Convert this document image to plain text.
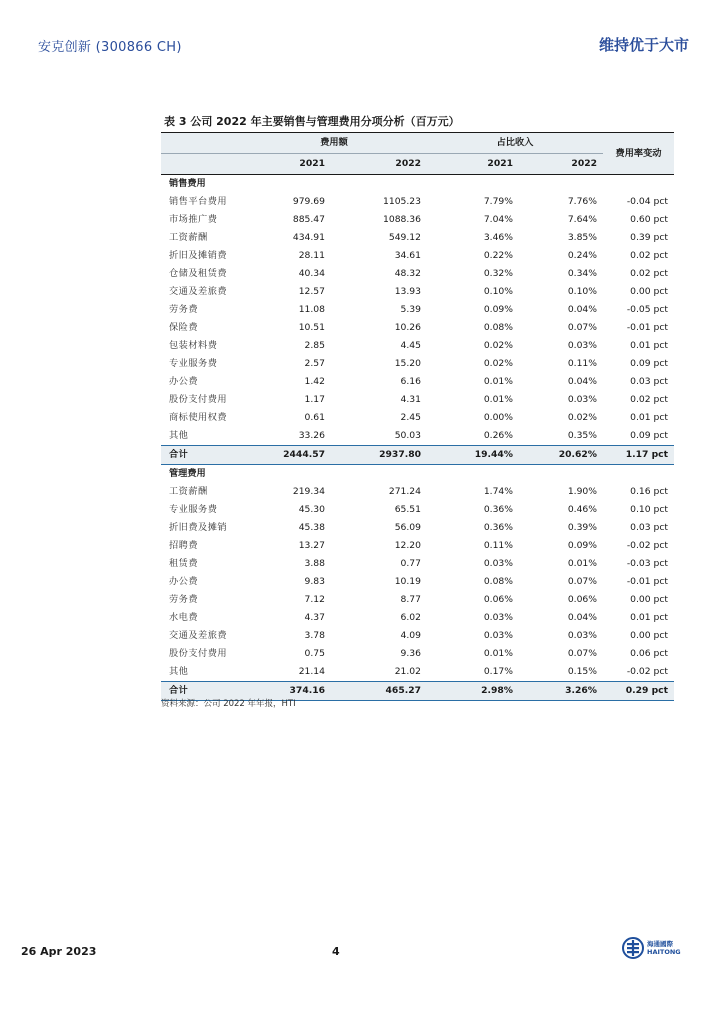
安克创新 (300866 CH)	维持优于大市
表 3 公司 2022 年主要销售与管理费用分项分析（百万元）
	费用额		占比收入		费用率变动
	2021	2022	2021	2022	
销售费用					
销售平台费用	979.69	1105.23	7.79%	7.76%	-0.04 pct
市场推广费	885.47	1088.36	7.04%	7.64%	0.60 pct
工资薪酬	434.91	549.12	3.46%	3.85%	0.39 pct
折旧及摊销费	28.11	34.61	0.22%	0.24%	0.02 pct
仓储及租赁费	40.34	48.32	0.32%	0.34%	0.02 pct
交通及差旅费	12.57	13.93	0.10%	0.10%	0.00 pct
劳务费	11.08	5.39	0.09%	0.04%	-0.05 pct
保险费	10.51	10.26	0.08%	0.07%	-0.01 pct
包装材料费	2.85	4.45	0.02%	0.03%	0.01 pct
专业服务费	2.57	15.20	0.02%	0.11%	0.09 pct
办公费	1.42	6.16	0.01%	0.04%	0.03 pct
股份支付费用	1.17	4.31	0.01%	0.03%	0.02 pct
商标使用权费	0.61	2.45	0.00%	0.02%	0.01 pct
其他	33.26	50.03	0.26%	0.35%	0.09 pct
合计	2444.57	2937.80	19.44%	20.62%	1.17 pct
管理费用					
工资薪酬	219.34	271.24	1.74%	1.90%	0.16 pct
专业服务费	45.30	65.51	0.36%	0.46%	0.10 pct
折旧费及摊销	45.38	56.09	0.36%	0.39%	0.03 pct
招聘费	13.27	12.20	0.11%	0.09%	-0.02 pct
租赁费	3.88	0.77	0.03%	0.01%	-0.03 pct
办公费	9.83	10.19	0.08%	0.07%	-0.01 pct
劳务费	7.12	8.77	0.06%	0.06%	0.00 pct
水电费	4.37	6.02	0.03%	0.04%	0.01 pct
交通及差旅费	3.78	4.09	0.03%	0.03%	0.00 pct
股份支付费用	0.75	9.36	0.01%	0.07%	0.06 pct
其他	21.14	21.02	0.17%	0.15%	-0.02 pct
合计	374.16	465.27	2.98%	3.26%	0.29 pct
资料来源：公司 2022 年年报，HTI
26 Apr 2023	4
海通國際
HAITONG
